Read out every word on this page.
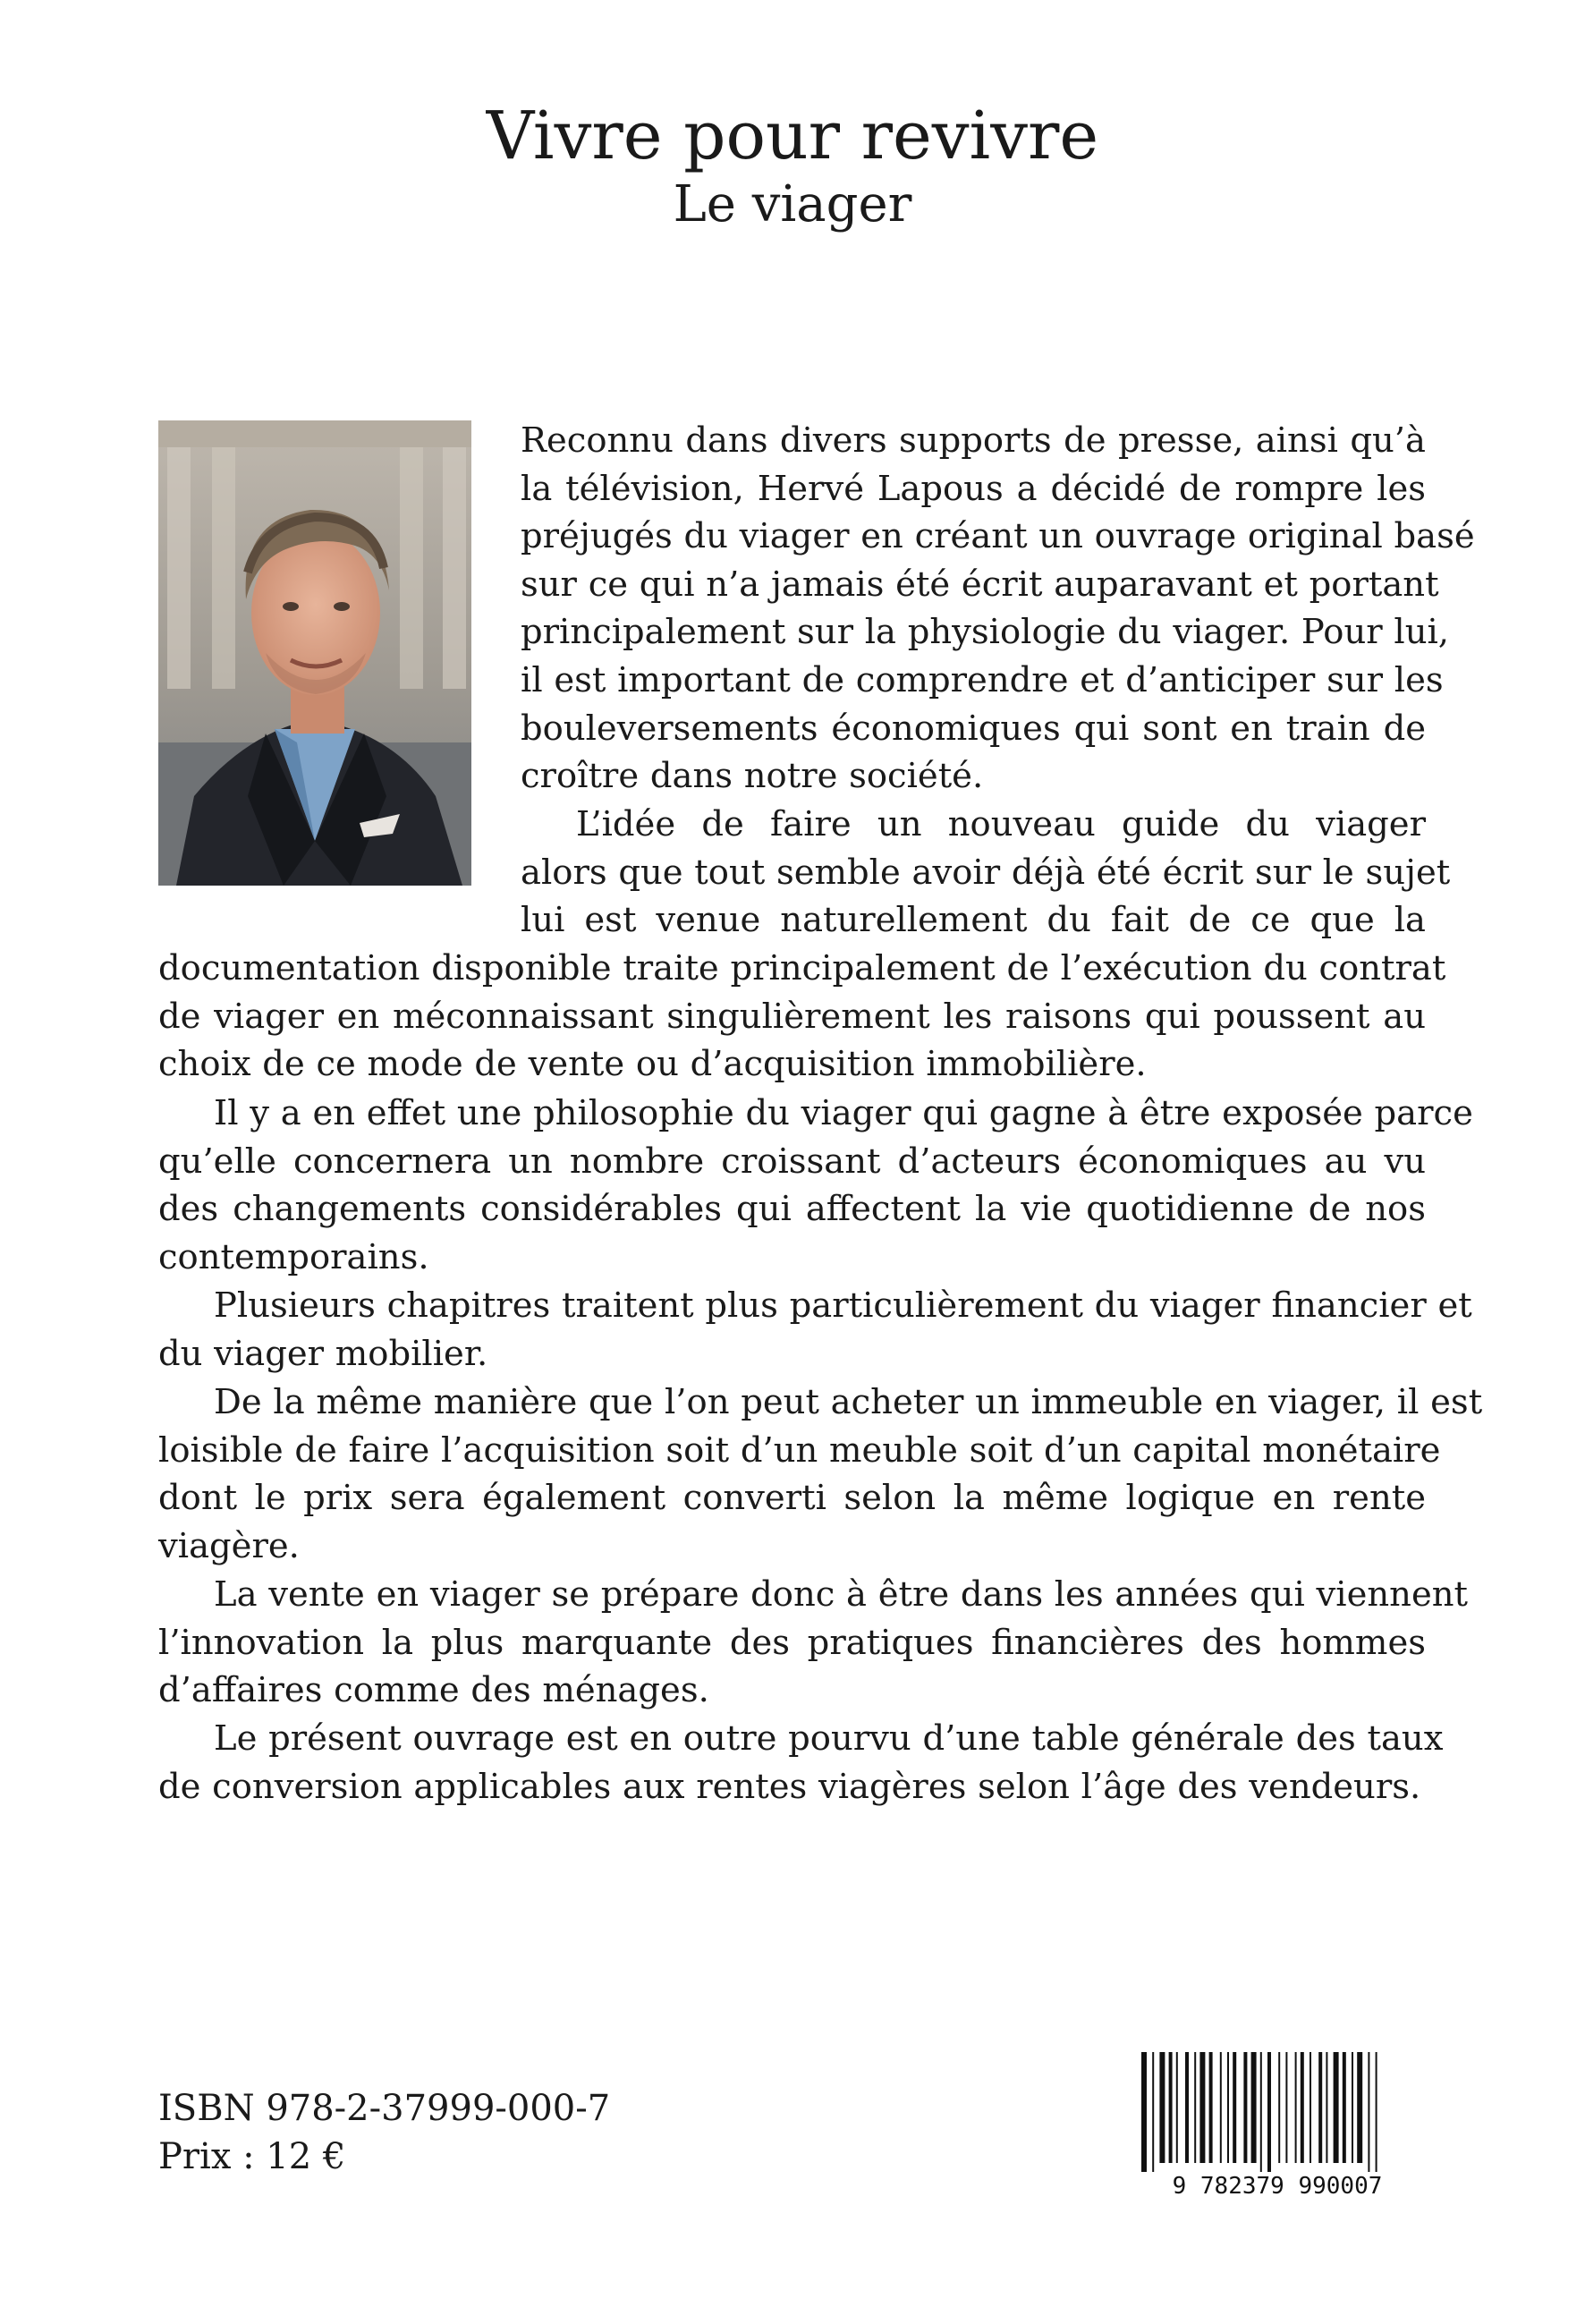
Vivre pour revivre
Le viager
Reconnu dans divers supports de presse, ainsi qu’à
la télévision, Hervé Lapous a décidé de rompre les
préjugés du viager en créant un ouvrage original basé
sur ce qui n’a jamais été écrit auparavant et portant
principalement sur la physiologie du viager. Pour lui,
il est important de comprendre et d’anticiper sur les
bouleversements économiques qui sont en train de
croître dans notre société.
L’idée de faire un nouveau guide du viager
alors que tout semble avoir déjà été écrit sur le sujet
lui est venue naturellement du fait de ce que la
documentation disponible traite principalement de l’exécution du contrat
de viager en méconnaissant singulièrement les raisons qui poussent au
choix de ce mode de vente ou d’acquisition immobilière.
Il y a en effet une philosophie du viager qui gagne à être exposée parce
qu’elle concernera un nombre croissant d’acteurs économiques au vu
des changements considérables qui affectent la vie quotidienne de nos
contemporains.
Plusieurs chapitres traitent plus particulièrement du viager financier et
du viager mobilier.
De la même manière que l’on peut acheter un immeuble en viager, il est
loisible de faire l’acquisition soit d’un meuble soit d’un capital monétaire
dont le prix sera également converti selon la même logique en rente
viagère.
La vente en viager se prépare donc à être dans les années qui viennent
l’innovation la plus marquante des pratiques financières des hommes
d’affaires comme des ménages.
Le présent ouvrage est en outre pourvu d’une table générale des taux
de conversion applicables aux rentes viagères selon l’âge des vendeurs.
ISBN 978-2-37999-000-7
Prix : 12 €
9 782379 990007
